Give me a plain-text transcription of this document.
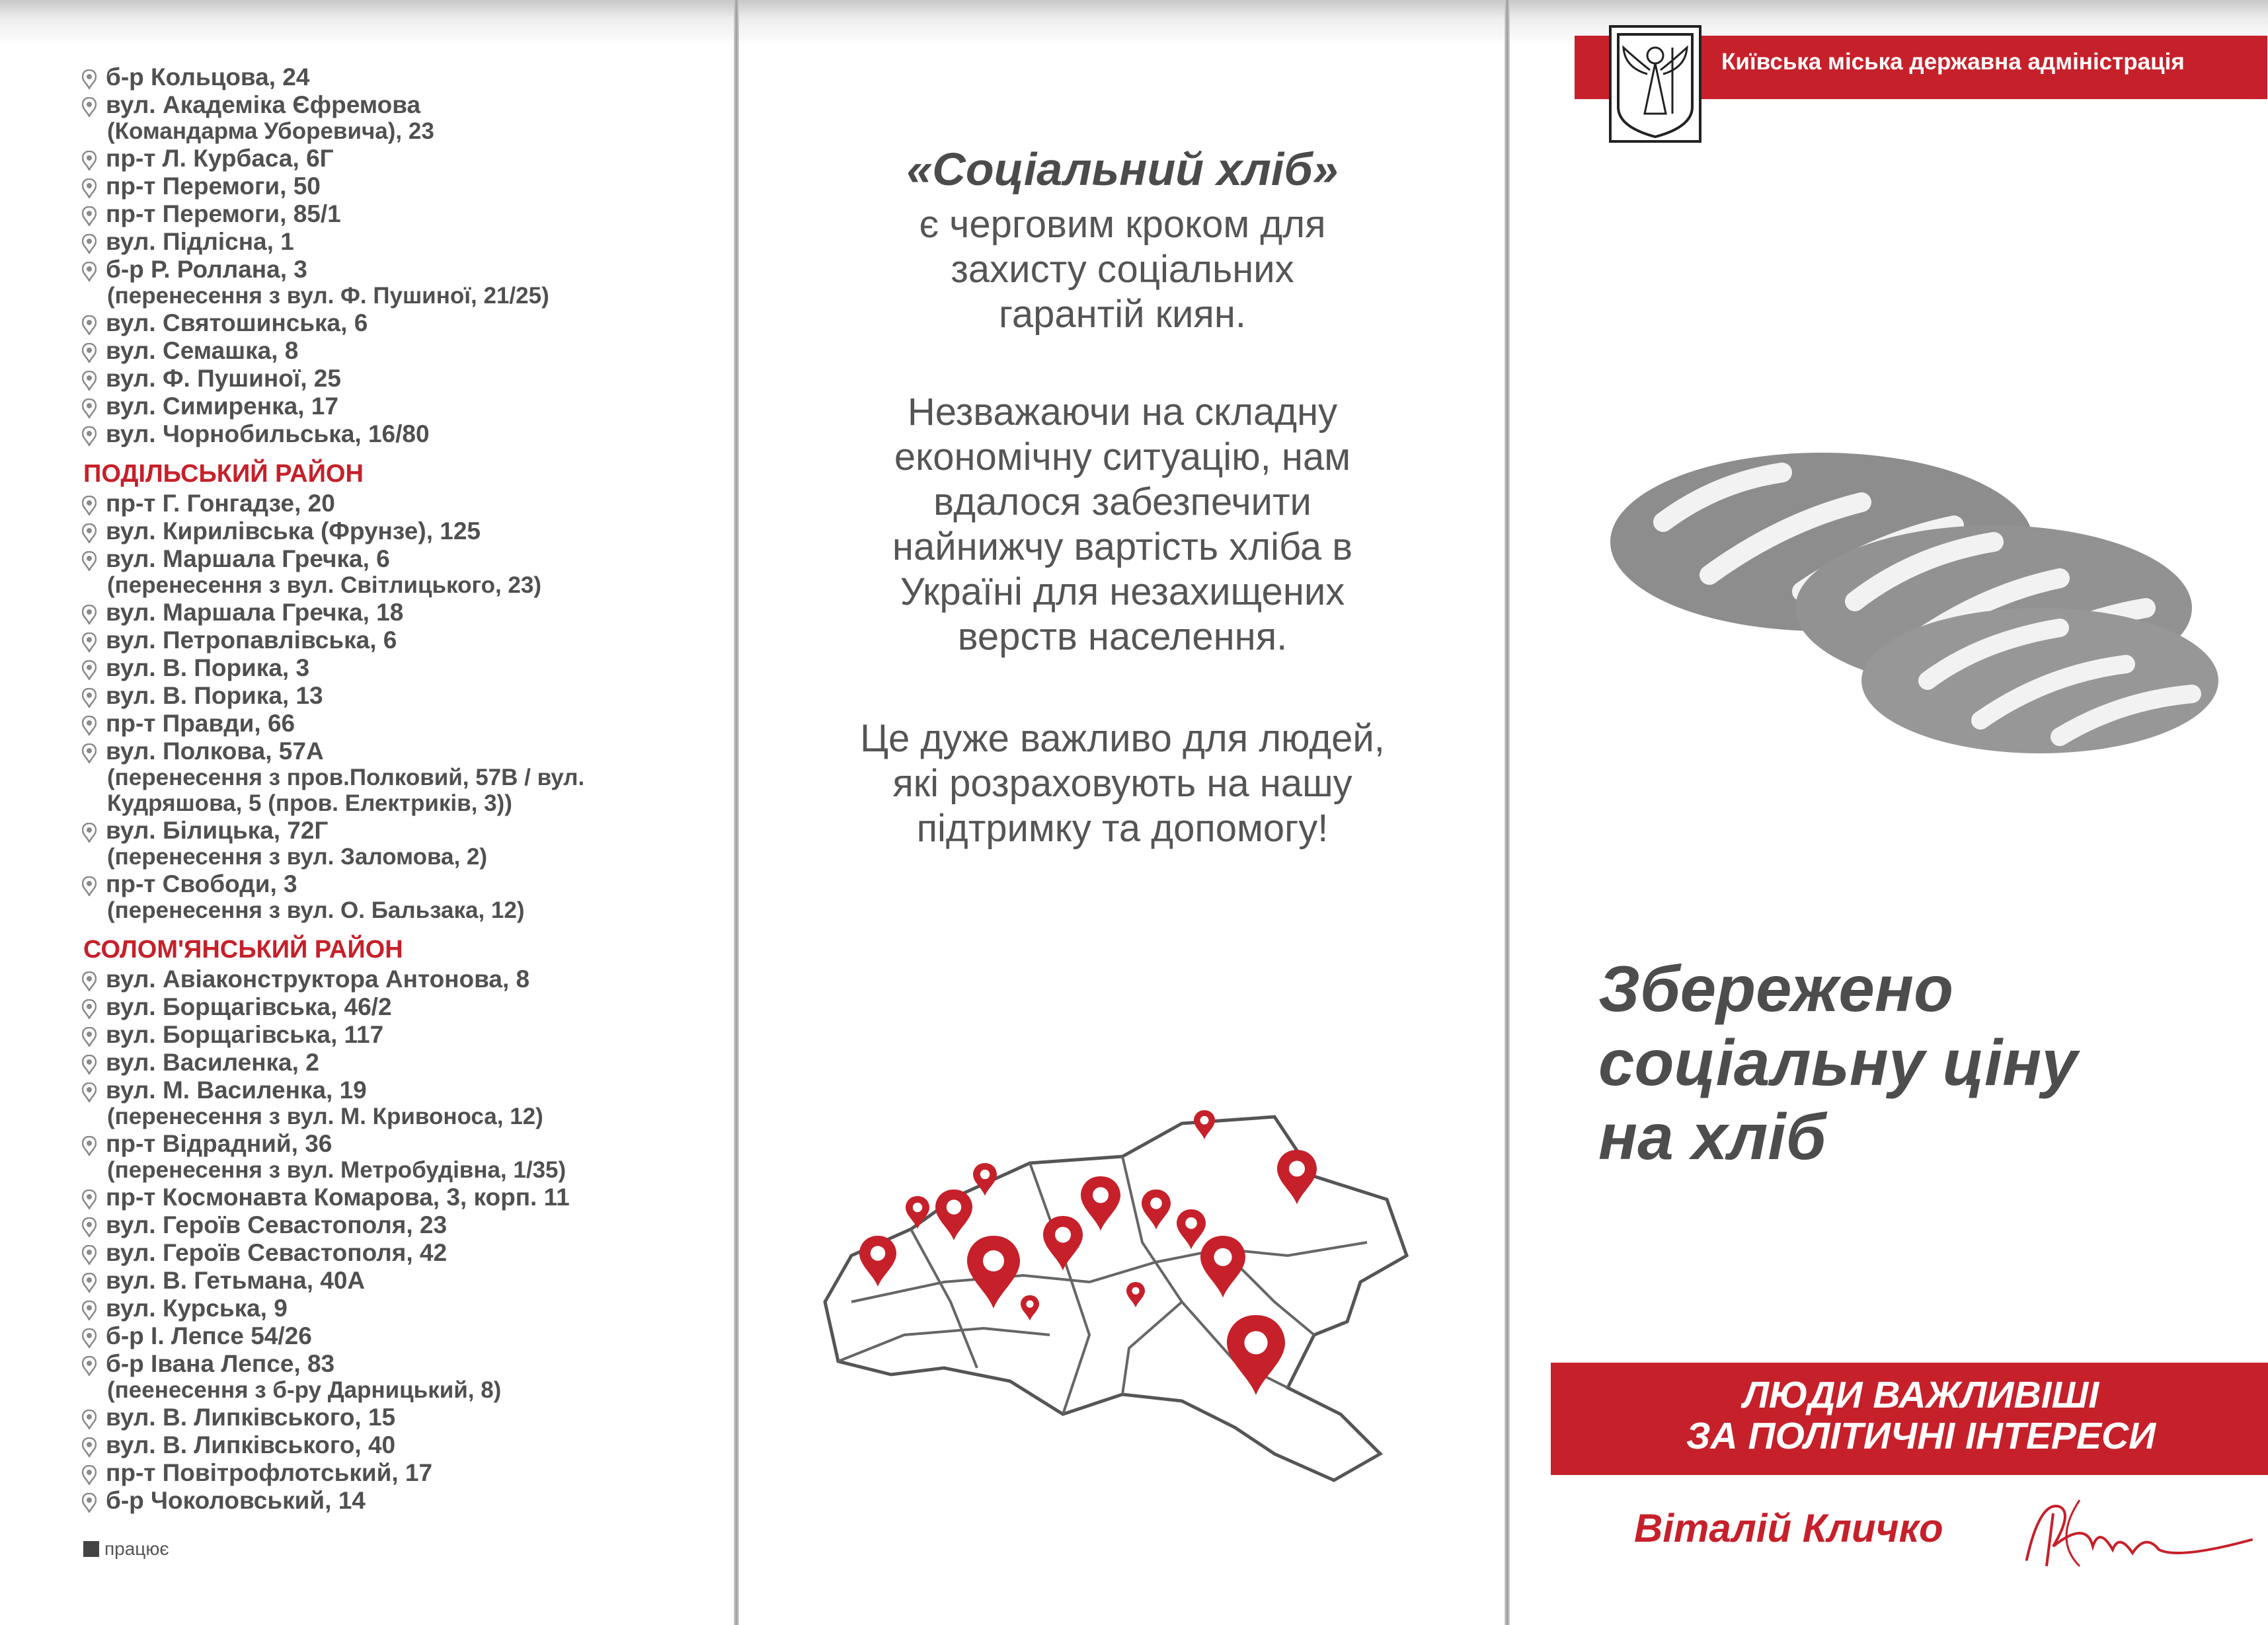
б-р Кольцова, 24
вул. Академіка Єфремова
(Командарма Уборевича), 23
пр-т Л. Курбаса, 6Г
пр-т Перемоги, 50
пр-т Перемоги, 85/1
вул. Підлісна, 1
б-р Р. Роллана, 3
(перенесення з вул. Ф. Пушиної, 21/25)
вул. Святошинська, 6
вул. Семашка, 8
вул. Ф. Пушиної, 25
вул. Симиренка, 17
вул. Чорнобильська, 16/80
ПОДІЛЬСЬКИЙ РАЙОН
пр-т Г. Гонгадзе, 20
вул. Кирилівська (Фрунзе), 125
вул. Маршала Гречка, 6
(перенесення з вул. Світлицького, 23)
вул. Маршала Гречка, 18
вул. Петропавлівська, 6
вул. В. Порика, 3
вул. В. Порика, 13
пр-т Правди, 66
вул. Полкова, 57А
(перенесення з пров.Полковий, 57В / вул. Кудряшова, 5 (пров. Електриків, 3))
вул. Білицька, 72Г
(перенесення з вул. Заломова, 2)
пр-т Свободи, 3
(перенесення з вул. О. Бальзака, 12)
СОЛОМ'ЯНСЬКИЙ РАЙОН
вул. Авіаконструктора Антонова, 8
вул. Борщагівська, 46/2
вул. Борщагівська, 117
вул. Василенка, 2
вул. М. Василенка, 19
(перенесення з вул. М. Кривоноса, 12)
пр-т Відрадний, 36
(перенесення з вул. Метробудівна, 1/35)
пр-т Космонавта Комарова, 3, корп. 11
вул. Героїв Севастополя, 23
вул. Героїв Севастополя, 42
вул. В. Гетьмана, 40А
вул. Курська, 9
б-р І. Лепсе 54/26
б-р Івана Лепсе, 83
(пеенесення з б-ру Дарницький, 8)
вул. В. Липківського, 15
вул. В. Липківського, 40
пр-т Повітрофлотський, 17
б-р Чоколовський, 14
працює
«Соціальний хліб»
є черговим кроком для
захисту соціальних
гарантій киян.
Незважаючи на складну
економічну ситуацію, нам
вдалося забезпечити
найнижчу вартість хліба в
Україні для незахищених
верств населення.
Це дуже важливо для людей,
які розраховують на нашу
підтримку та допомогу!
Київська міська державна адміністрація
Збережено
соціальну ціну
на хліб
ЛЮДИ ВАЖЛИВІШІ
ЗА ПОЛІТИЧНІ ІНТЕРЕСИ
Віталій Кличко
